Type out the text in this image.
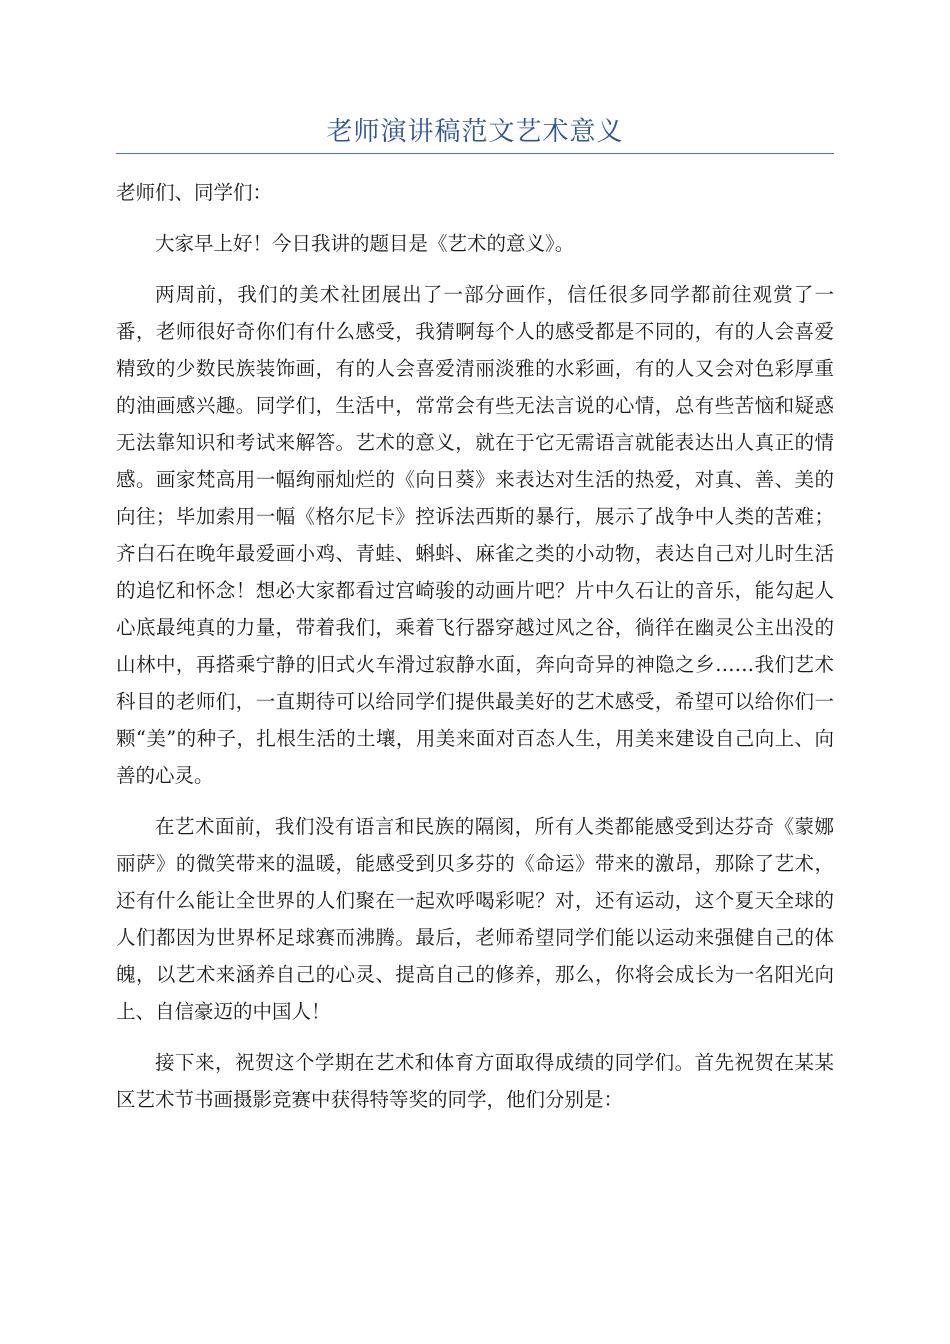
老师演讲稿范文艺术意义

老师们、同学们：

大家早上好！今日我讲的题目是《艺术的意义》。

两周前，我们的美术社团展出了一部分画作，信任很多同学都前往观赏了一番，老师很好奇你们有什么感受，我猜啊每个人的感受都是不同的，有的人会喜爱精致的少数民族装饰画，有的人会喜爱清丽淡雅的水彩画，有的人又会对色彩厚重的油画感兴趣。同学们，生活中，常常会有些无法言说的心情，总有些苦恼和疑惑无法靠知识和考试来解答。艺术的意义，就在于它无需语言就能表达出人真正的情感。画家梵高用一幅绚丽灿烂的《向日葵》来表达对生活的热爱，对真、善、美的向往；毕加索用一幅《格尔尼卡》控诉法西斯的暴行，展示了战争中人类的苦难；齐白石在晚年最爱画小鸡、青蛙、蝌蚪、麻雀之类的小动物，表达自己对儿时生活的追忆和怀念！想必大家都看过宫崎骏的动画片吧？片中久石让的音乐，能勾起人心底最纯真的力量，带着我们，乘着飞行器穿越过风之谷，徜徉在幽灵公主出没的山林中，再搭乘宁静的旧式火车滑过寂静水面，奔向奇异的神隐之乡……我们艺术科目的老师们，一直期待可以给同学们提供最美好的艺术感受，希望可以给你们一颗“美”的种子，扎根生活的土壤，用美来面对百态人生，用美来建设自己向上、向善的心灵。

在艺术面前，我们没有语言和民族的隔阂，所有人类都能感受到达芬奇《蒙娜丽萨》的微笑带来的温暖，能感受到贝多芬的《命运》带来的激昂，那除了艺术，还有什么能让全世界的人们聚在一起欢呼喝彩呢？对，还有运动，这个夏天全球的人们都因为世界杯足球赛而沸腾。最后，老师希望同学们能以运动来强健自己的体魄，以艺术来涵养自己的心灵、提高自己的修养，那么，你将会成长为一名阳光向上、自信豪迈的中国人！

接下来，祝贺这个学期在艺术和体育方面取得成绩的同学们。首先祝贺在某某区艺术节书画摄影竞赛中获得特等奖的同学，他们分别是：
